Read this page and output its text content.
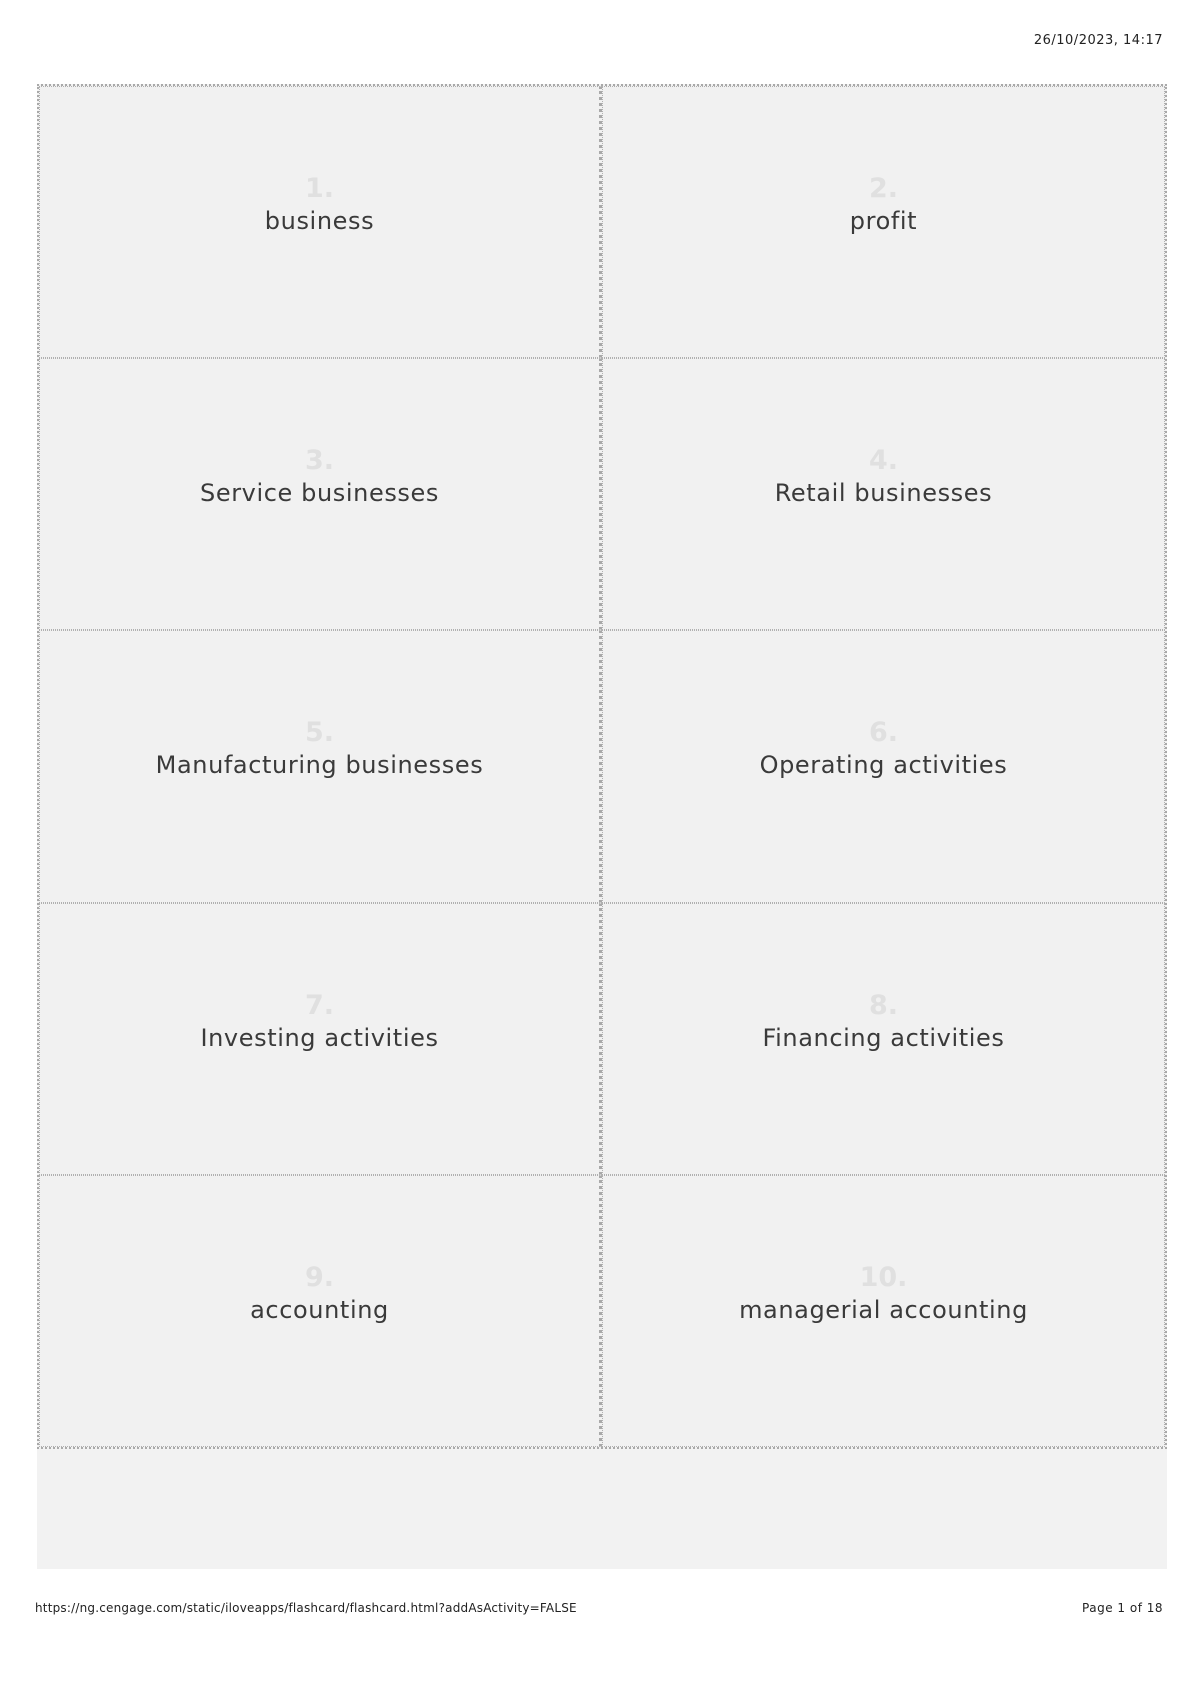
26/10/2023, 14:17
1.
business
2.
profit
3.
Service businesses
4.
Retail businesses
5.
Manufacturing businesses
6.
Operating activities
7.
Investing activities
8.
Financing activities
9.
accounting
10.
managerial accounting
https://ng.cengage.com/static/iloveapps/flashcard/flashcard.html?addAsActivity=FALSE	Page 1 of 18
